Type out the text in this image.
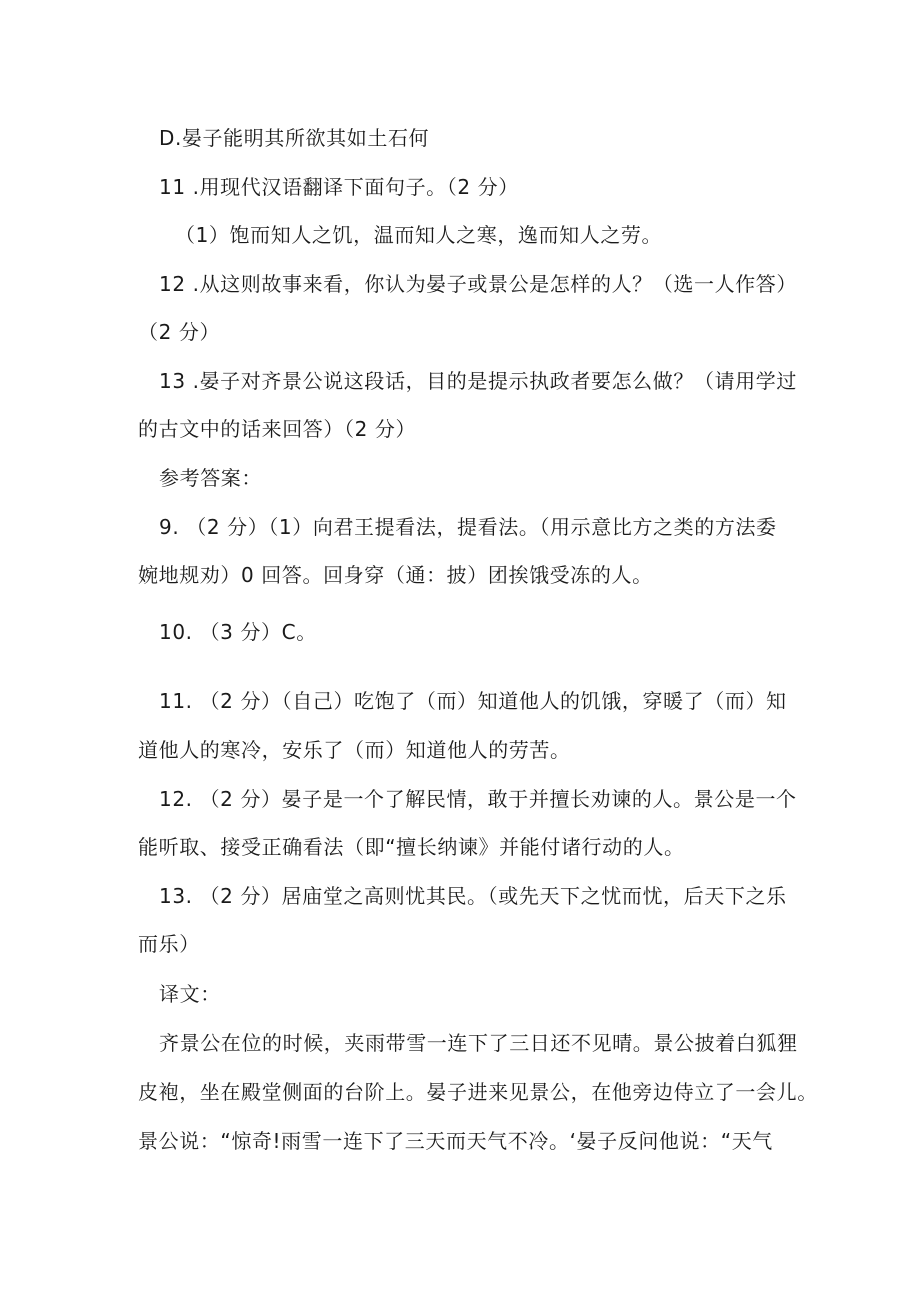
D.晏子能明其所欲其如土石何

11 .用现代汉语翻译下面句子。（2 分）

（1）饱而知人之饥，温而知人之寒，逸而知人之劳。

12 .从这则故事来看，你认为晏子或景公是怎样的人？（选一人作答）

（2 分）

13 .晏子对齐景公说这段话，目的是提示执政者要怎么做？（请用学过

的古文中的话来回答）（2 分）

参考答案：

9. （2 分）（1）向君王提看法，提看法。（用示意比方之类的方法委

婉地规劝）0 回答。回身穿（通：披）团挨饿受冻的人。

10. （3 分）C。

11. （2 分）（自己）吃饱了（而）知道他人的饥饿，穿暖了（而）知

道他人的寒冷，安乐了（而）知道他人的劳苦。

12. （2 分）晏子是一个了解民情，敢于并擅长劝谏的人。景公是一个

能听取、接受正确看法（即“擅长纳谏》并能付诸行动的人。

13. （2 分）居庙堂之高则忧其民。（或先天下之忧而忧，后天下之乐

而乐）

译文：

齐景公在位的时候，夹雨带雪一连下了三日还不见晴。景公披着白狐狸

皮袍，坐在殿堂侧面的台阶上。晏子进来见景公，在他旁边侍立了一会儿。

景公说：“惊奇!雨雪一连下了三天而天气不冷。‘晏子反问他说：“天气
